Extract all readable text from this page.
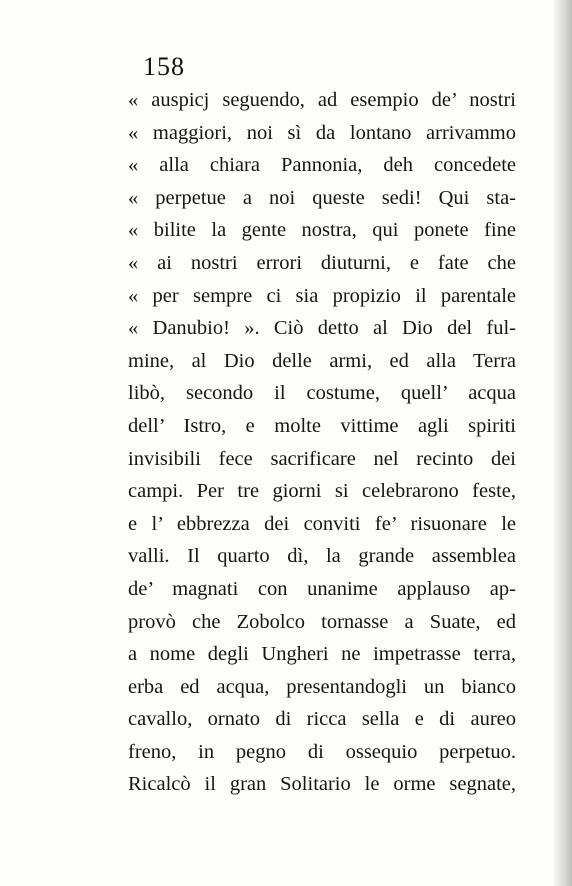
158
« auspicj seguendo, ad esempio de’ nostri
« maggiori, noi sì da lontano arrivammo
« alla chiara Pannonia, deh concedete
« perpetue a noi queste sedi! Qui sta-
« bilite la gente nostra, qui ponete fine
« ai nostri errori diuturni, e fate che
« per sempre ci sia propizio il parentale
« Danubio! ». Ciò detto al Dio del ful-
mine, al Dio delle armi, ed alla Terra
libò, secondo il costume, quell’ acqua
dell’ Istro, e molte vittime agli spiriti
invisibili fece sacrificare nel recinto dei
campi. Per tre giorni si celebrarono feste,
e l’ ebbrezza dei conviti fe’ risuonare le
valli. Il quarto dì, la grande assemblea
de’ magnati con unanime applauso ap-
provò che Zobolco tornasse a Suate, ed
a nome degli Ungheri ne impetrasse terra,
erba ed acqua, presentandogli un bianco
cavallo, ornato di ricca sella e di aureo
freno, in pegno di ossequio perpetuo.
Ricalcò il gran Solitario le orme segnate,
